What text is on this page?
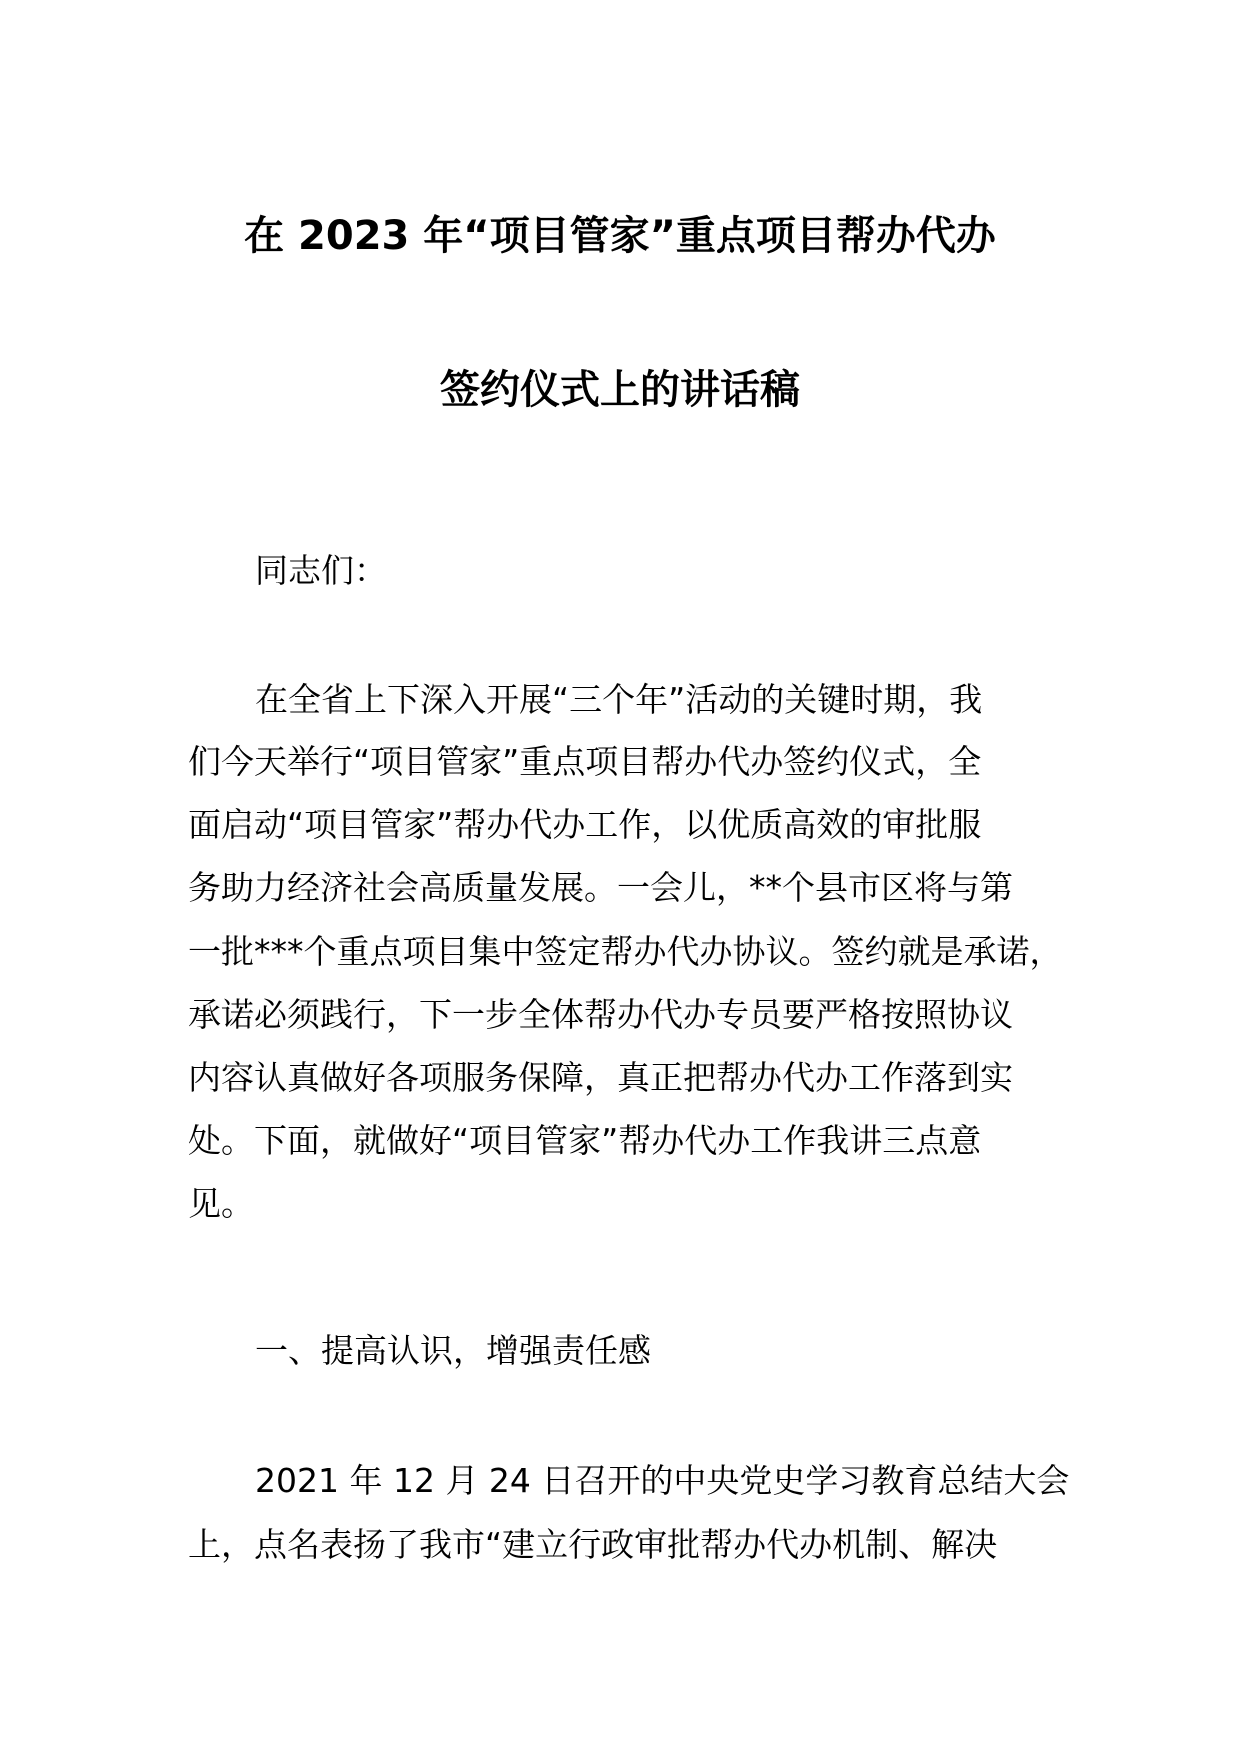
在 2023 年“项目管家”重点项目帮办代办
签约仪式上的讲话稿
同志们：
在全省上下深入开展“三个年”活动的关键时期，我
们今天举行“项目管家”重点项目帮办代办签约仪式，全
面启动“项目管家”帮办代办工作，以优质高效的审批服
务助力经济社会高质量发展。一会儿，**个县市区将与第
一批***个重点项目集中签定帮办代办协议。签约就是承诺，
承诺必须践行，下一步全体帮办代办专员要严格按照协议
内容认真做好各项服务保障，真正把帮办代办工作落到实
处。下面，就做好“项目管家”帮办代办工作我讲三点意
见。
一、提高认识，增强责任感
2021 年 12 月 24 日召开的中央党史学习教育总结大会
上，点名表扬了我市“建立行政审批帮办代办机制、解决
